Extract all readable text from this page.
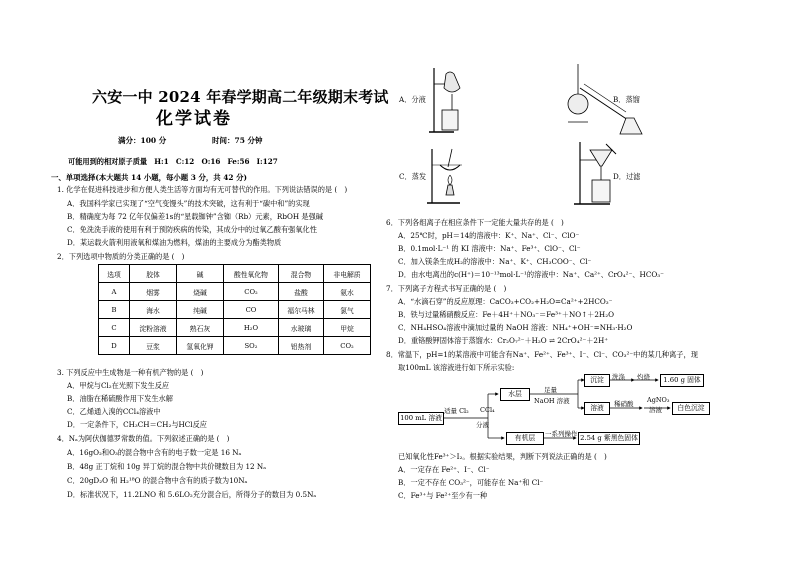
六安一中 2024 年春学期高二年级期末考试
化学试卷
满分：100 分	时间：75 分钟
可能用到的相对原子质量　H:1　C:12　O:16　Fe:56　I:127
一、单项选择(本大题共 14 小题，每小题 3 分，共 42 分)
1. 化学在促进科技进步和方便人类生活等方面均有无可替代的作用。下列说法错误的是 (　)
A．我国科学家已实现了“空气变馒头”的技术突破，这有利于“碳中和”的实现
B．精确度为每 72 亿年仅偏差1s的“星载铷钟”含铷（Rb）元素，RbOH 是强碱
C．免洗洗手液的使用有利于预防疾病的传染，其成分中的过氧乙酸有强氧化性
D．某运载火箭利用液氧和煤油为燃料，煤油的主要成分为酯类物质
2．下列选项中物质的分类正确的是 (　)
选项	胶体	碱	酸性氧化物	混合物	非电解质
A	烟雾	烧碱	CO₂	盐酸	氨水
B	海水	纯碱	CO	福尔马林	氯气
C	淀粉溶液	熟石灰	H₂O	水玻璃	甲烷
D	豆浆	氢氧化钾	SO₂	铝热剂	CO₂
3. 下列反应中生成物是一种有机产物的是 (　)
A．甲烷与Cl₂在光照下发生反应
B．油脂在稀硫酸作用下发生水解
C．乙烯通入溴的CCl₄溶液中
D．一定条件下，CH₃CH＝CH₂与HCl反应
4．Nₐ为阿伏伽德罗常数的值。下列叙述正确的是 (　)
A．16gO₂和O₃的混合物中含有的电子数一定是 16 Nₐ
B．48g 正丁烷和 10g 异丁烷的混合物中共价键数目为 12 Nₐ
C．20gD₂O 和 H₂¹⁸O 的混合物中含有的质子数为10Nₐ
D．标准状况下，11.2LNO 和 5.6LO₂充分混合后，所得分子的数目为 0.5Nₐ
A．分液	B．蒸馏
C．蒸发	D．过滤
6．下列各组离子在相应条件下一定能大量共存的是 (　)
A．25℃时，pH＝14的溶液中：K⁺、Na⁺、Cl⁻、ClO⁻
B．0.1mol·L⁻¹ 的 KI 溶液中：Na⁺、Fe³⁺、ClO⁻、Cl⁻
C．加入镁条生成H₂的溶液中：Na⁺、K⁺、CH₃COO⁻、Cl⁻
D．由水电离出的c(H⁺)＝10⁻¹³mol·L⁻¹的溶液中：Na⁺、Ca²⁺、CrO₄²⁻、HCO₃⁻
7．下列离子方程式书写正确的是 (　)
A．“水滴石穿”的反应原理：CaCO₃+CO₂+H₂O=Ca²⁺+2HCO₃⁻
B．铁与过量稀硝酸反应：Fe＋4H⁺＋NO₃⁻＝Fe³⁺＋NO↑＋2H₂O
C．NH₄HSO₄溶液中滴加过量的 NaOH 溶液：NH₄⁺+OH⁻=NH₃·H₂O
D．重铬酸钾固体溶于蒸馏水：Cr₂O₇²⁻＋H₂O ⇌ 2CrO₄²⁻＋2H⁺
8．常温下，pH=1的某溶液中可能含有Na⁺、Fe²⁺、Fe³⁺、I⁻、Cl⁻、CO₃²⁻中的某几种离子，现
取100mL 该溶液进行如下所示实验:
100 mL 溶液
适量 Cl₂ CCl₄
分液
水层	足量
NaOH 溶液
沉淀	洗涤 灼烧	1.60 g 固体
溶液	稀硝酸 AgNO₃
溶液	白色沉淀
有机层	一系列操作 2.54 g 紫黑色固体
已知氧化性Fe³⁺＞I₂。根据实验结果，判断下列说法正确的是 (　)
A．一定存在 Fe²⁺、I⁻、Cl⁻
B．一定不存在 CO₃²⁻，可能存在 Na⁺和 Cl⁻
C．Fe³⁺与 Fe²⁺至少有一种
